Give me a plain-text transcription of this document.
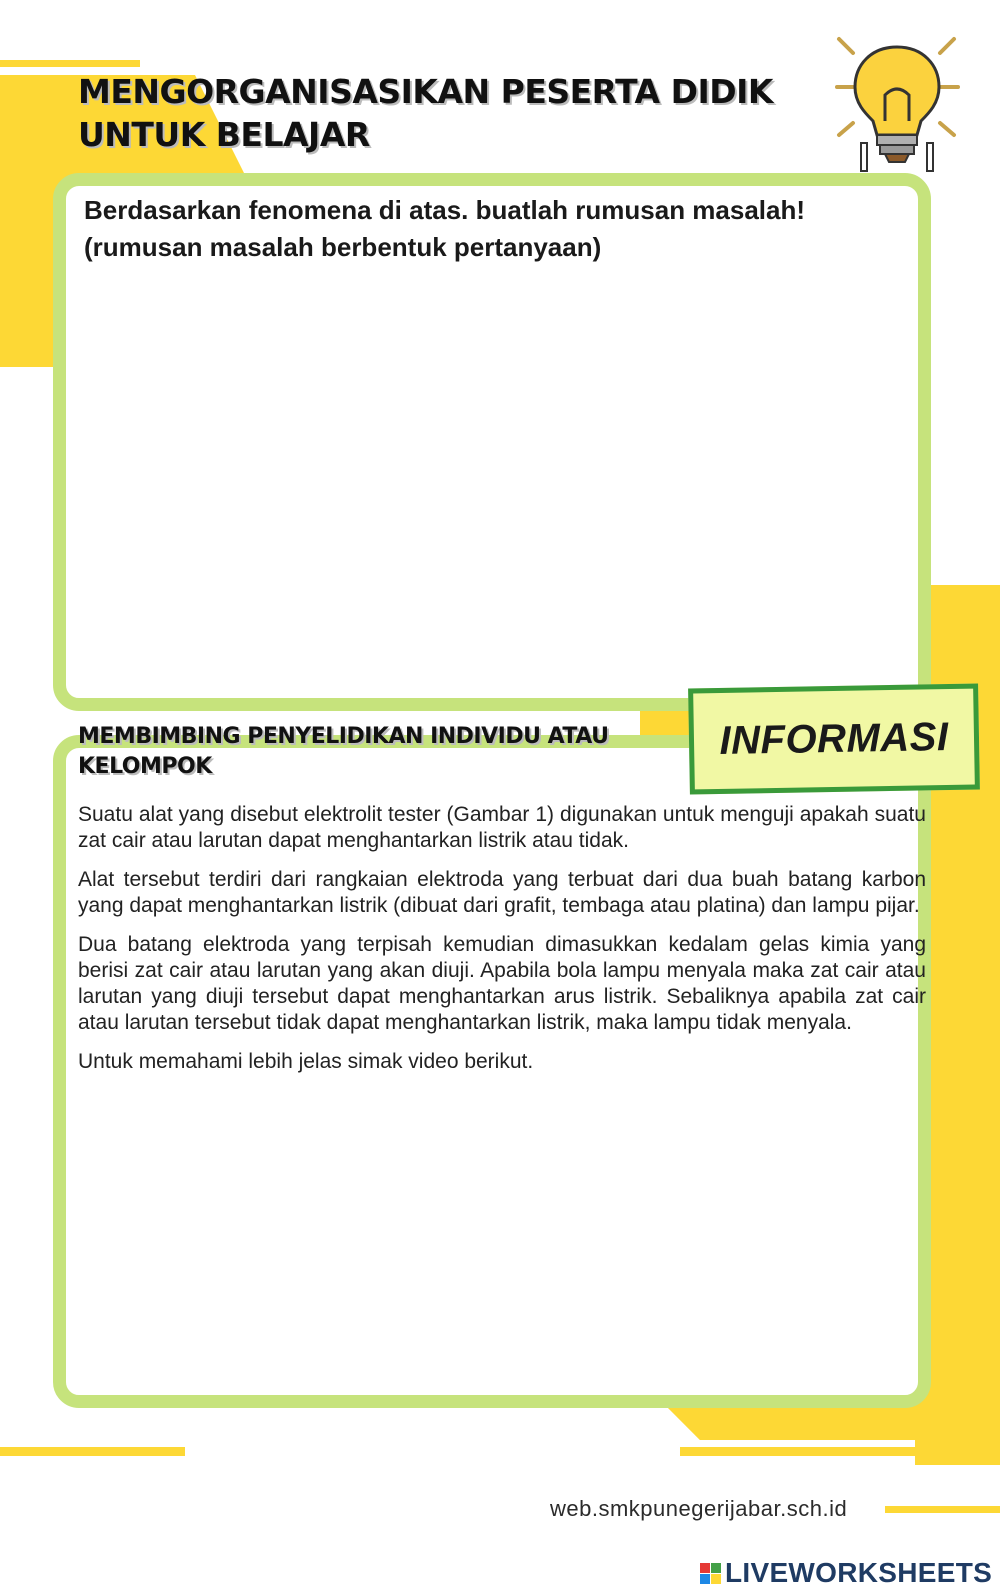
MENGORGANISASIKAN PESERTA DIDIK UNTUK BELAJAR

Berdasarkan fenomena di atas. buatlah rumusan masalah! (rumusan masalah berbentuk pertanyaan)

MEMBIMBING PENYELIDIKAN INDIVIDU ATAU KELOMPOK
INFORMASI

Suatu alat yang disebut elektrolit tester (Gambar 1) digunakan untuk menguji apakah suatu zat cair atau larutan dapat menghantarkan listrik atau tidak.

Alat tersebut terdiri dari rangkaian elektroda yang terbuat dari dua buah batang karbon yang dapat menghantarkan listrik (dibuat dari grafit, tembaga atau platina) dan lampu pijar.

Dua batang elektroda yang terpisah kemudian dimasukkan kedalam gelas kimia yang berisi zat cair atau larutan yang akan diuji. Apabila bola lampu menyala maka zat cair atau larutan yang diuji tersebut dapat menghantarkan arus listrik. Sebaliknya apabila zat cair atau larutan tersebut tidak dapat menghantarkan listrik, maka lampu tidak menyala.

Untuk memahami lebih jelas simak video berikut.

web.smkpunegerijabar.sch.id
LIVEWORKSHEETS
